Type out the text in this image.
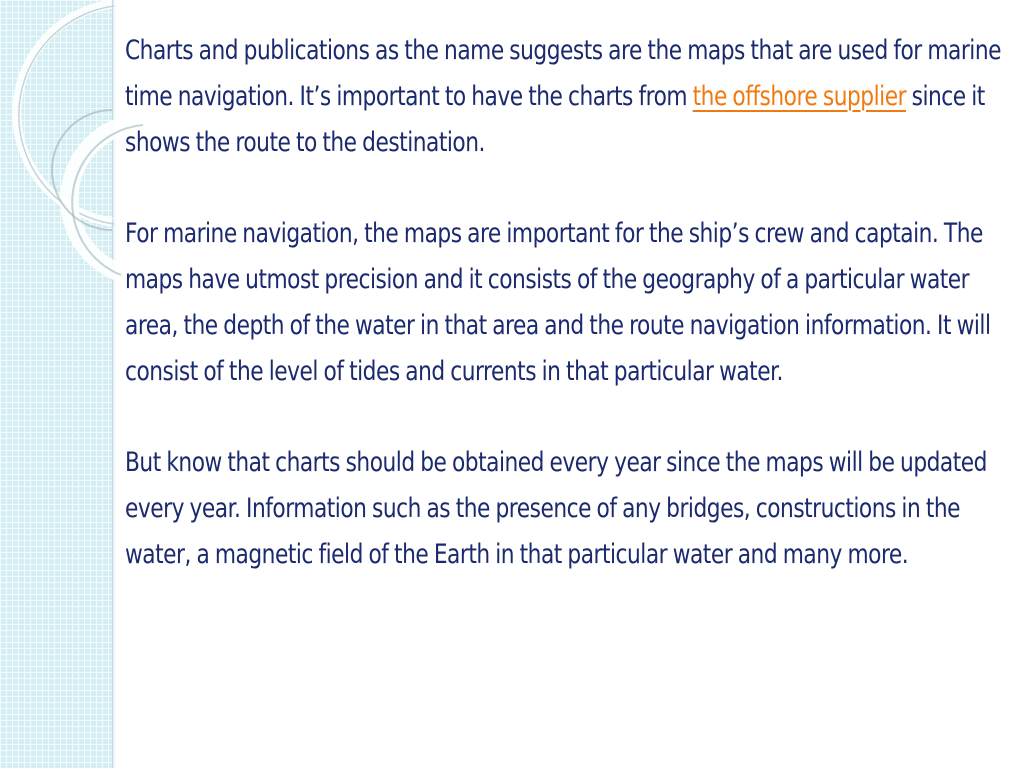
Charts and publications as the name suggests are the maps that are used for marine time navigation. It’s important to have the charts from the offshore supplier since it shows the route to the destination.

For marine navigation, the maps are important for the ship’s crew and captain. The maps have utmost precision and it consists of the geography of a particular water area, the depth of the water in that area and the route navigation information. It will consist of the level of tides and currents in that particular water.

But know that charts should be obtained every year since the maps will be updated every year. Information such as the presence of any bridges, constructions in the water, a magnetic field of the Earth in that particular water and many more.
